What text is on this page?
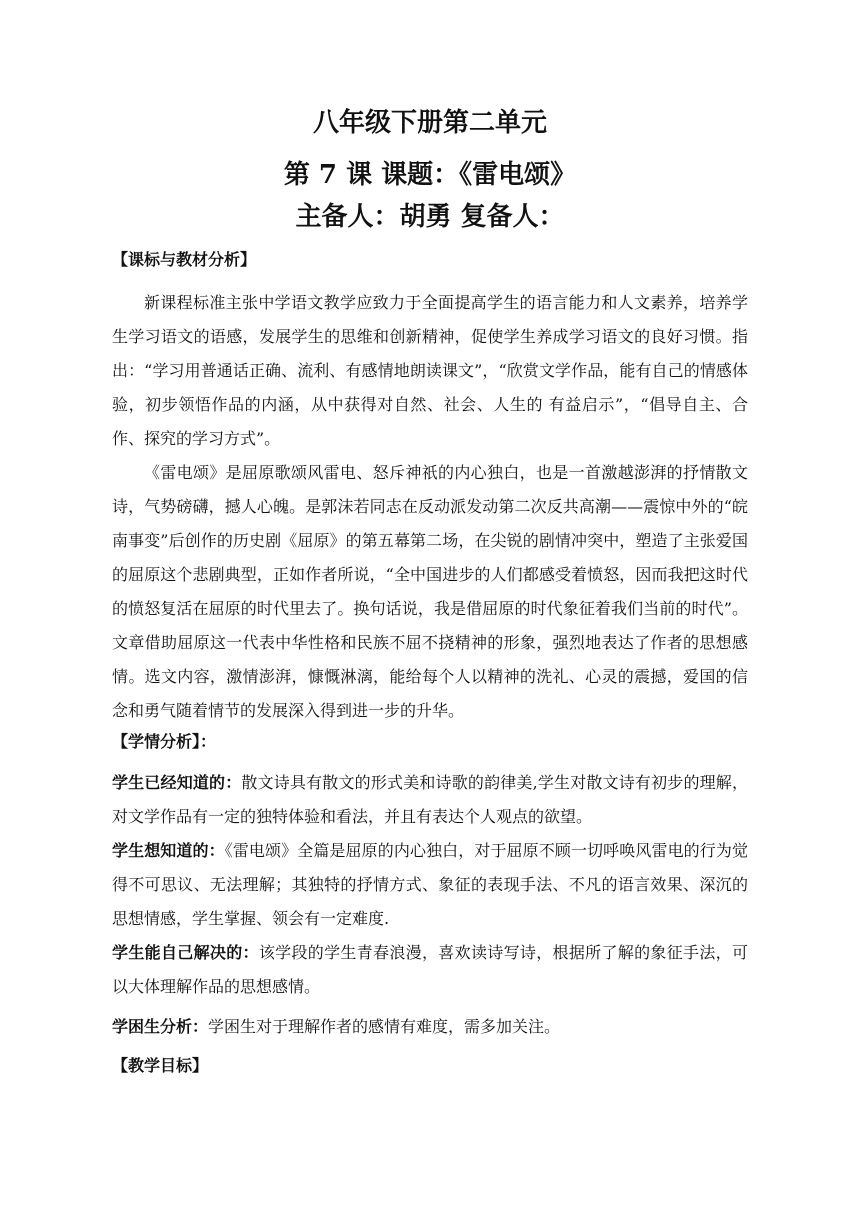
八年级下册第二单元
第 7 课 课题：《雷电颂》
主备人：胡勇 复备人：

【课标与教材分析】

新课程标准主张中学语文教学应致力于全面提高学生的语言能力和人文素养，培养学生学习语文的语感，发展学生的思维和创新精神，促使学生养成学习语文的良好习惯。指出：“学习用普通话正确、流利、有感情地朗读课文”，“欣赏文学作品，能有自己的情感体验，初步领悟作品的内涵，从中获得对自然、社会、人生的 有益启示”，“倡导自主、合作、探究的学习方式”。

《雷电颂》是屈原歌颂风雷电、怒斥神祇的内心独白，也是一首激越澎湃的抒情散文诗，气势磅礴，撼人心魄。是郭沫若同志在反动派发动第二次反共高潮——震惊中外的“皖南事变”后创作的历史剧《屈原》的第五幕第二场，在尖锐的剧情冲突中，塑造了主张爱国的屈原这个悲剧典型，正如作者所说，“全中国进步的人们都感受着愤怒，因而我把这时代的愤怒复活在屈原的时代里去了。换句话说，我是借屈原的时代象征着我们当前的时代”。文章借助屈原这一代表中华性格和民族不屈不挠精神的形象，强烈地表达了作者的思想感情。选文内容，激情澎湃，慷慨淋漓，能给每个人以精神的洗礼、心灵的震撼，爱国的信念和勇气随着情节的发展深入得到进一步的升华。

【学情分析】：

学生已经知道的：散文诗具有散文的形式美和诗歌的韵律美,学生对散文诗有初步的理解，对文学作品有一定的独特体验和看法，并且有表达个人观点的欲望。

学生想知道的：《雷电颂》全篇是屈原的内心独白，对于屈原不顾一切呼唤风雷电的行为觉得不可思议、无法理解；其独特的抒情方式、象征的表现手法、不凡的语言效果、深沉的思想情感，学生掌握、领会有一定难度.

学生能自己解决的：该学段的学生青春浪漫，喜欢读诗写诗，根据所了解的象征手法，可以大体理解作品的思想感情。

学困生分析：学困生对于理解作者的感情有难度，需多加关注。

【教学目标】
